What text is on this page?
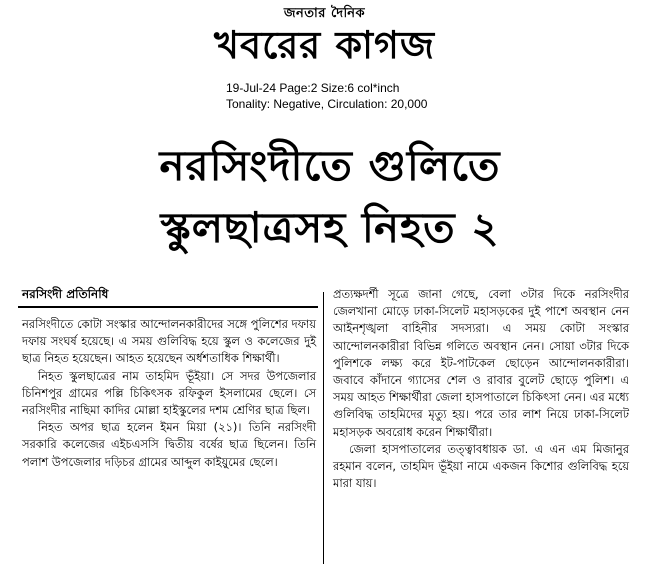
জনতার দৈনিক
খবরের কাগজ
19-Jul-24 Page:2 Size:6 col*inch
Tonality: Negative, Circulation: 20,000
নরসিংদীতে গুলিতে
স্কুলছাত্রসহ নিহত ২
নরসিংদী প্রতিনিধি

নরসিংদীতে কোটা সংস্কার আন্দোলনকারীদের সঙ্গে পুলিশের দফায় দফায় সংঘর্ষ হয়েছে। এ সময় গুলিবিদ্ধ হয়ে স্কুল ও কলেজের দুই ছাত্র নিহত হয়েছেন। আহত হয়েছেন অর্ধশতাধিক শিক্ষার্থী।

নিহত স্কুলছাত্রের নাম তাহমিদ ভূঁইয়া। সে সদর উপজেলার চিনিশপুর গ্রামের পল্লি চিকিৎসক রফিকুল ইসলামের ছেলে। সে নরসিংদীর নাছিমা কাদির মোল্লা হাইস্কুলের দশম শ্রেণির ছাত্র ছিল।

নিহত অপর ছাত্র হলেন ইমন মিয়া (২১)। তিনি নরসিংদী সরকারি কলেজের এইচএসসি দ্বিতীয় বর্ষের ছাত্র ছিলেন। তিনি পলাশ উপজেলার দড়িচর গ্রামের আব্দুল কাইয়ুমের ছেলে।

প্রত্যক্ষদর্শী সূত্রে জানা গেছে, বেলা ৩টার দিকে নরসিংদীর জেলখানা মোড়ে ঢাকা-সিলেট মহাসড়কের দুই পাশে অবস্থান নেন আইনশৃঙ্খলা বাহিনীর সদস্যরা। এ সময় কোটা সংস্কার আন্দোলনকারীরা বিভিন্ন গলিতে অবস্থান নেন। সোয়া ৩টার দিকে পুলিশকে লক্ষ্য করে ইট-পাটকেল ছোড়েন আন্দোলনকারীরা। জবাবে কাঁদানে গ্যাসের শেল ও রাবার বুলেট ছোড়ে পুলিশ। এ সময় আহত শিক্ষার্থীরা জেলা হাসপাতালে চিকিৎসা নেন। এর মধ্যে গুলিবিদ্ধ তাহমিদের মৃত্যু হয়। পরে তার লাশ নিয়ে ঢাকা-সিলেট মহাসড়ক অবরোধ করেন শিক্ষার্থীরা।

জেলা হাসপাতালের তত্ত্বাবধায়ক ডা. এ এন এম মিজানুর রহমান বলেন, তাহমিদ ভূঁইয়া নামে একজন কিশোর গুলিবিদ্ধ হয়ে মারা যায়।
